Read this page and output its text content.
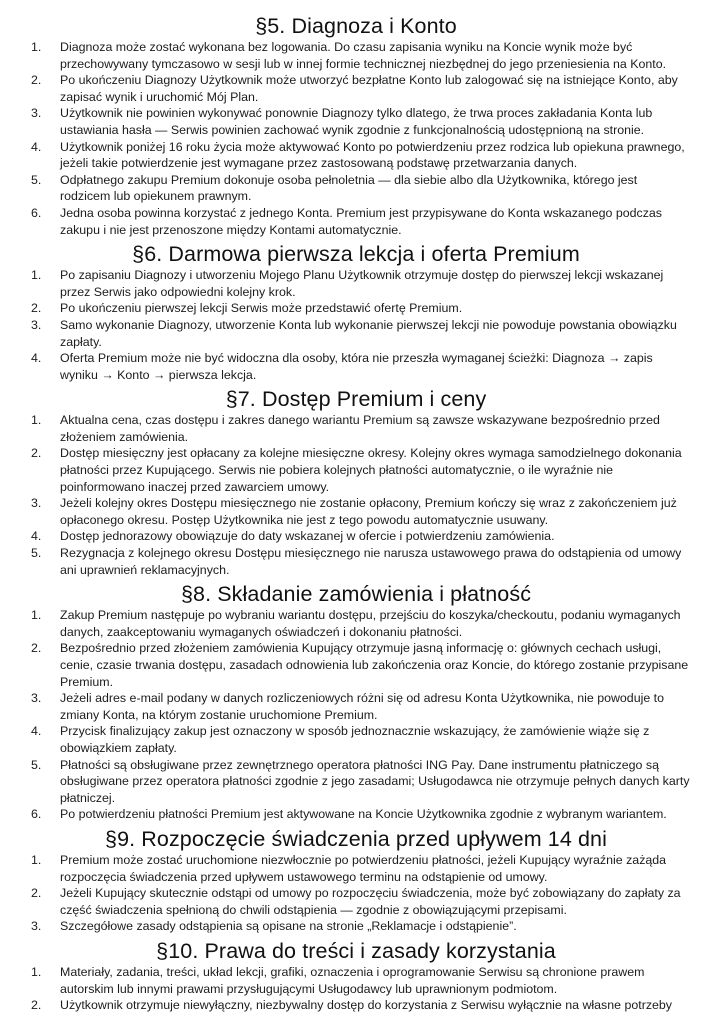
§5. Diagnoza i Konto
1. Diagnoza może zostać wykonana bez logowania. Do czasu zapisania wyniku na Koncie wynik może być przechowywany tymczasowo w sesji lub w innej formie technicznej niezbędnej do jego przeniesienia na Konto.
2. Po ukończeniu Diagnozy Użytkownik może utworzyć bezpłatne Konto lub zalogować się na istniejące Konto, aby zapisać wynik i uruchomić Mój Plan.
3. Użytkownik nie powinien wykonywać ponownie Diagnozy tylko dlatego, że trwa proces zakładania Konta lub ustawiania hasła — Serwis powinien zachować wynik zgodnie z funkcjonalnością udostępnioną na stronie.
4. Użytkownik poniżej 16 roku życia może aktywować Konto po potwierdzeniu przez rodzica lub opiekuna prawnego, jeżeli takie potwierdzenie jest wymagane przez zastosowaną podstawę przetwarzania danych.
5. Odpłatnego zakupu Premium dokonuje osoba pełnoletnia — dla siebie albo dla Użytkownika, którego jest rodzicem lub opiekunem prawnym.
6. Jedna osoba powinna korzystać z jednego Konta. Premium jest przypisywane do Konta wskazanego podczas zakupu i nie jest przenoszone między Kontami automatycznie.
§6. Darmowa pierwsza lekcja i oferta Premium
1. Po zapisaniu Diagnozy i utworzeniu Mojego Planu Użytkownik otrzymuje dostęp do pierwszej lekcji wskazanej przez Serwis jako odpowiedni kolejny krok.
2. Po ukończeniu pierwszej lekcji Serwis może przedstawić ofertę Premium.
3. Samo wykonanie Diagnozy, utworzenie Konta lub wykonanie pierwszej lekcji nie powoduje powstania obowiązku zapłaty.
4. Oferta Premium może nie być widoczna dla osoby, która nie przeszła wymaganej ścieżki: Diagnoza → zapis wyniku → Konto → pierwsza lekcja.
§7. Dostęp Premium i ceny
1. Aktualna cena, czas dostępu i zakres danego wariantu Premium są zawsze wskazywane bezpośrednio przed złożeniem zamówienia.
2. Dostęp miesięczny jest opłacany za kolejne miesięczne okresy. Kolejny okres wymaga samodzielnego dokonania płatności przez Kupującego. Serwis nie pobiera kolejnych płatności automatycznie, o ile wyraźnie nie poinformowano inaczej przed zawarciem umowy.
3. Jeżeli kolejny okres Dostępu miesięcznego nie zostanie opłacony, Premium kończy się wraz z zakończeniem już opłaconego okresu. Postęp Użytkownika nie jest z tego powodu automatycznie usuwany.
4. Dostęp jednorazowy obowiązuje do daty wskazanej w ofercie i potwierdzeniu zamówienia.
5. Rezygnacja z kolejnego okresu Dostępu miesięcznego nie narusza ustawowego prawa do odstąpienia od umowy ani uprawnień reklamacyjnych.
§8. Składanie zamówienia i płatność
1. Zakup Premium następuje po wybraniu wariantu dostępu, przejściu do koszyka/checkoutu, podaniu wymaganych danych, zaakceptowaniu wymaganych oświadczeń i dokonaniu płatności.
2. Bezpośrednio przed złożeniem zamówienia Kupujący otrzymuje jasną informację o: głównych cechach usługi, cenie, czasie trwania dostępu, zasadach odnowienia lub zakończenia oraz Koncie, do którego zostanie przypisane Premium.
3. Jeżeli adres e-mail podany w danych rozliczeniowych różni się od adresu Konta Użytkownika, nie powoduje to zmiany Konta, na którym zostanie uruchomione Premium.
4. Przycisk finalizujący zakup jest oznaczony w sposób jednoznacznie wskazujący, że zamówienie wiąże się z obowiązkiem zapłaty.
5. Płatności są obsługiwane przez zewnętrznego operatora płatności ING Pay. Dane instrumentu płatniczego są obsługiwane przez operatora płatności zgodnie z jego zasadami; Usługodawca nie otrzymuje pełnych danych karty płatniczej.
6. Po potwierdzeniu płatności Premium jest aktywowane na Koncie Użytkownika zgodnie z wybranym wariantem.
§9. Rozpoczęcie świadczenia przed upływem 14 dni
1. Premium może zostać uruchomione niezwłocznie po potwierdzeniu płatności, jeżeli Kupujący wyraźnie zażąda rozpoczęcia świadczenia przed upływem ustawowego terminu na odstąpienie od umowy.
2. Jeżeli Kupujący skutecznie odstąpi od umowy po rozpoczęciu świadczenia, może być zobowiązany do zapłaty za część świadczenia spełnioną do chwili odstąpienia — zgodnie z obowiązującymi przepisami.
3. Szczegółowe zasady odstąpienia są opisane na stronie „Reklamacje i odstąpienie”.
§10. Prawa do treści i zasady korzystania
1. Materiały, zadania, treści, układ lekcji, grafiki, oznaczenia i oprogramowanie Serwisu są chronione prawem autorskim lub innymi prawami przysługującymi Usługodawcy lub uprawnionym podmiotom.
2. Użytkownik otrzymuje niewyłączny, niezbywalny dostęp do korzystania z Serwisu wyłącznie na własne potrzeby
